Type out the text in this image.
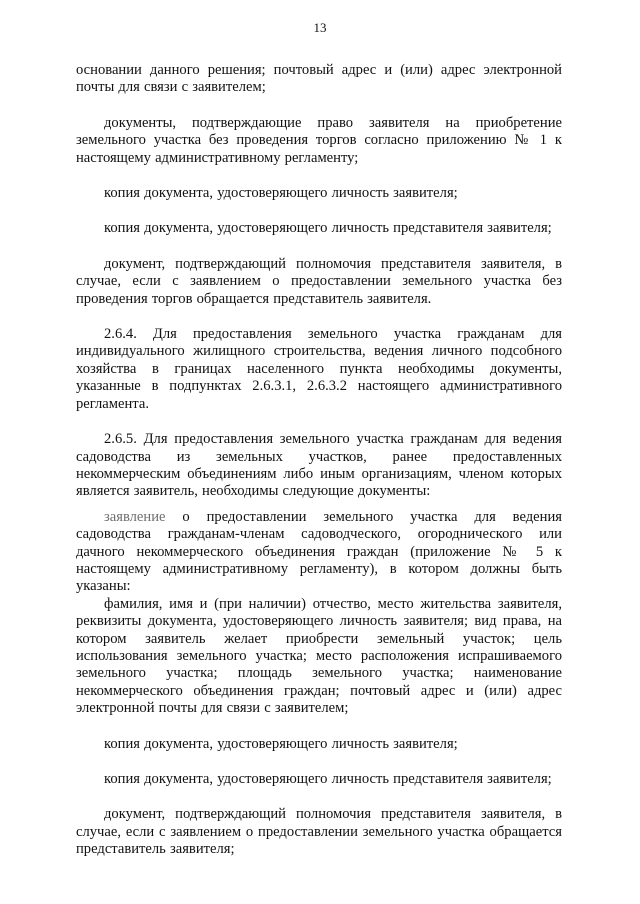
13

основании данного решения; почтовый адрес и (или) адрес электронной почты для связи с заявителем;

документы, подтверждающие право заявителя на приобретение земельного участка без проведения торгов согласно приложению № 1 к настоящему административному регламенту;

копия документа, удостоверяющего личность заявителя;

копия документа, удостоверяющего личность представителя заявителя;

документ, подтверждающий полномочия представителя заявителя, в случае, если с заявлением о предоставлении земельного участка без проведения торгов обращается представитель заявителя.

2.6.4. Для предоставления земельного участка гражданам для индивидуального жилищного строительства, ведения личного подсобного хозяйства в границах населенного пункта необходимы документы, указанные в подпунктах 2.6.3.1, 2.6.3.2 настоящего административного регламента.

2.6.5. Для предоставления земельного участка гражданам для ведения садоводства из земельных участков, ранее предоставленных некоммерческим объединениям либо иным организациям, членом которых является заявитель, необходимы следующие документы:

заявление о предоставлении земельного участка для ведения садоводства гражданам-членам садоводческого, огороднического или дачного некоммерческого объединения граждан (приложение № 5 к настоящему административному регламенту), в котором должны быть указаны:

фамилия, имя и (при наличии) отчество, место жительства заявителя, реквизиты документа, удостоверяющего личность заявителя; вид права, на котором заявитель желает приобрести земельный участок; цель использования земельного участка; место расположения испрашиваемого земельного участка; площадь земельного участка; наименование некоммерческого объединения граждан; почтовый адрес и (или) адрес электронной почты для связи с заявителем;

копия документа, удостоверяющего личность заявителя;

копия документа, удостоверяющего личность представителя заявителя;

документ, подтверждающий полномочия представителя заявителя, в случае, если с заявлением о предоставлении земельного участка обращается представитель заявителя;
